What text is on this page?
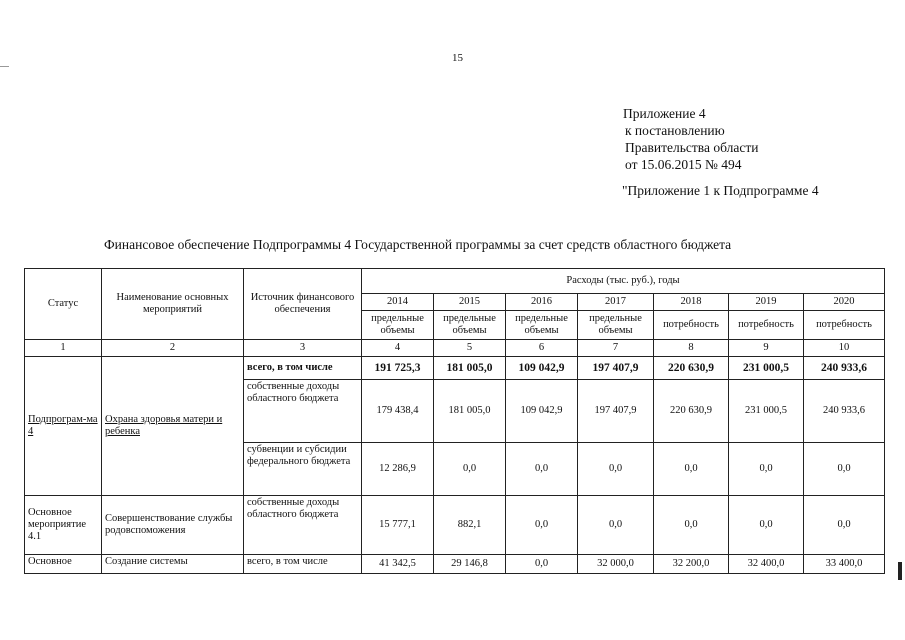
15
Приложение 4
к постановлению
Правительства области
от 15.06.2015 № 494
"Приложение 1 к Подпрограмме 4
Финансовое обеспечение Подпрограммы 4 Государственной программы за счет средств областного бюджета
Статус	Наименование основных мероприятий	Источник финансового обеспечения	Расходы (тыс. руб.), годы						
			2014	2015	2016	2017	2018	2019	2020
			предельные объемы	предельные объемы	предельные объемы	предельные объемы	потребность	потребность	потребность
1	2	3	4	5	6	7	8	9	10
Подпрограм-ма 4	Охрана здоровья матери и ребенка	всего, в том числе	191 725,3	181 005,0	109 042,9	197 407,9	220 630,9	231 000,5	240 933,6
		собственные доходы областного бюджета	179 438,4	181 005,0	109 042,9	197 407,9	220 630,9	231 000,5	240 933,6
		субвенции и субсидии федерального бюджета	12 286,9	0,0	0,0	0,0	0,0	0,0	0,0
Основное мероприятие 4.1	Совершенствование службы родовспоможения	собственные доходы областного бюджета	15 777,1	882,1	0,0	0,0	0,0	0,0	0,0
Основное	Создание системы	всего, в том числе	41 342,5	29 146,8	0,0	32 000,0	32 200,0	32 400,0	33 400,0
